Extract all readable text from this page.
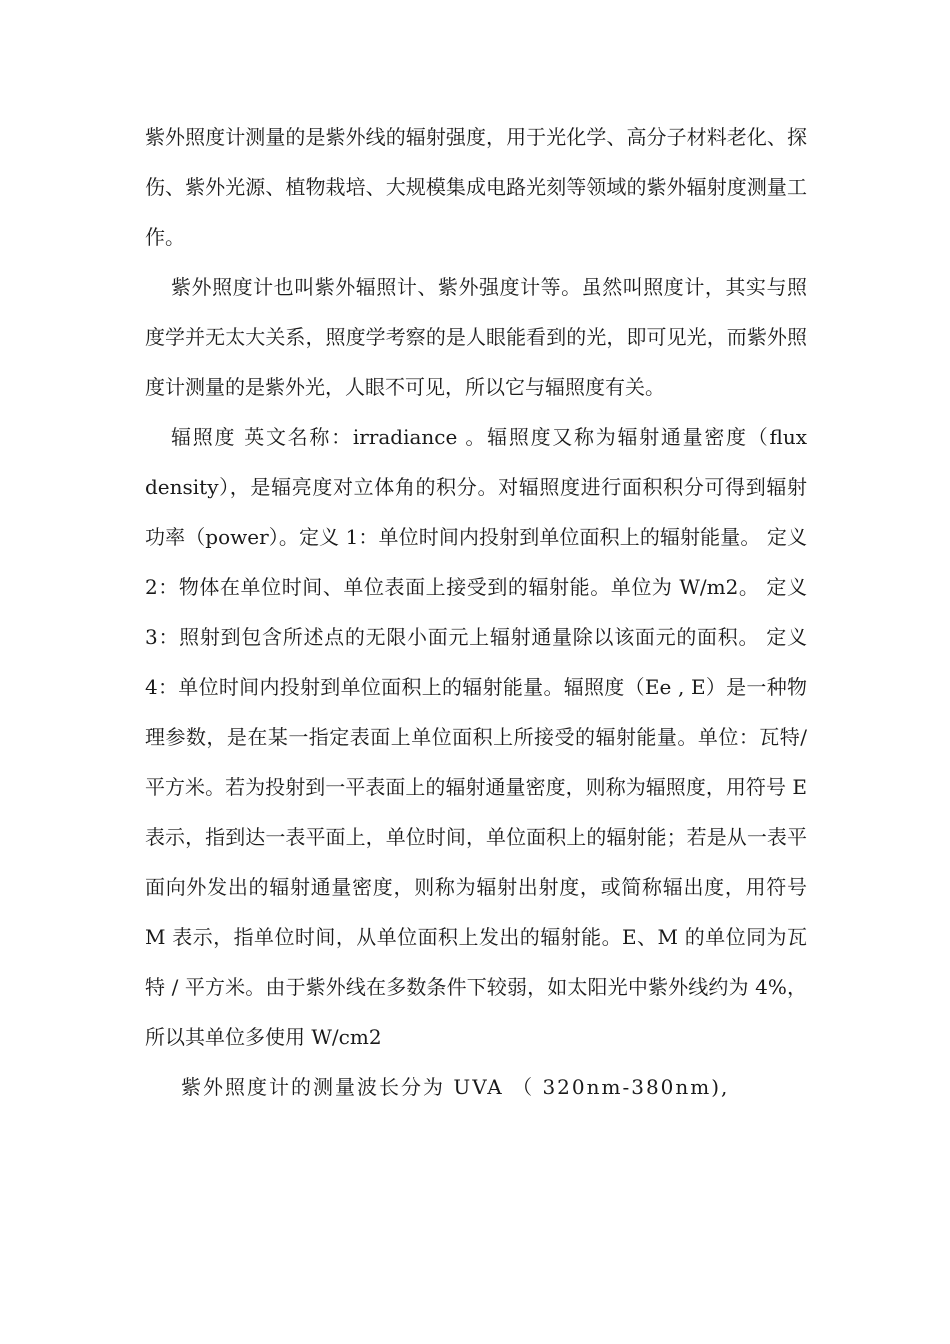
紫外照度计测量的是紫外线的辐射强度，用于光化学、高分子材料老化、探伤、紫外光源、植物栽培、大规模集成电路光刻等领域的紫外辐射度测量工作。

紫外照度计也叫紫外辐照计、紫外强度计等。虽然叫照度计，其实与照度学并无太大关系，照度学考察的是人眼能看到的光，即可见光，而紫外照度计测量的是紫外光，人眼不可见，所以它与辐照度有关。

辐照度 英文名称：irradiance 。辐照度又称为辐射通量密度（flux density），是辐亮度对立体角的积分。对辐照度进行面积积分可得到辐射功率（power）。定义 1：单位时间内投射到单位面积上的辐射能量。 定义 2：物体在单位时间、单位表面上接受到的辐射能。单位为 W/m2。 定义 3：照射到包含所述点的无限小面元上辐射通量除以该面元的面积。 定义 4：单位时间内投射到单位面积上的辐射能量。辐照度（Ee , E）是一种物理参数，是在某一指定表面上单位面积上所接受的辐射能量。单位：瓦特/平方米。若为投射到一平表面上的辐射通量密度，则称为辐照度，用符号 E 表示，指到达一表平面上，单位时间，单位面积上的辐射能；若是从一表平面向外发出的辐射通量密度，则称为辐射出射度，或简称辐出度，用符号 M 表示，指单位时间，从单位面积上发出的辐射能。E、M 的单位同为瓦特 / 平方米。由于紫外线在多数条件下较弱，如太阳光中紫外线约为 4%，所以其单位多使用 W/cm2

紫外照度计的测量波长分为 UVA （ 320nm-380nm),
